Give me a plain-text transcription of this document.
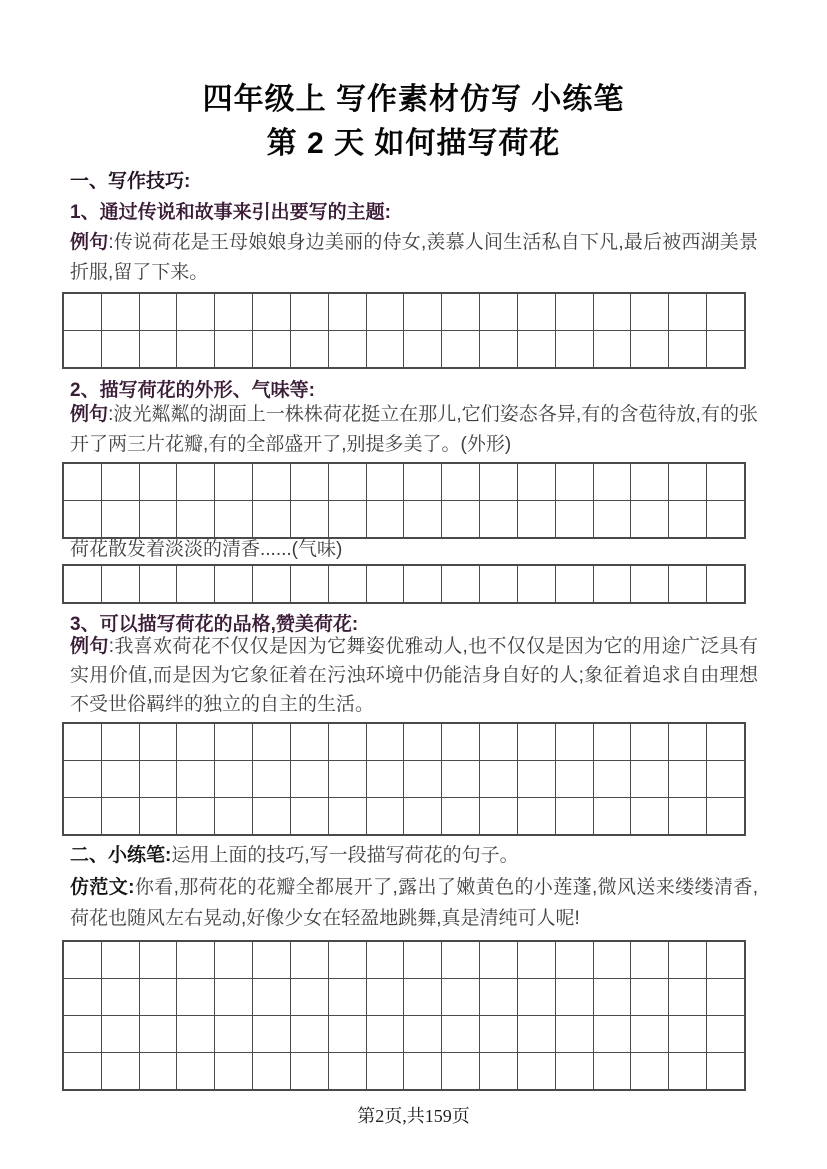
四年级上 写作素材仿写 小练笔
第 2 天 如何描写荷花
一、写作技巧:
1、通过传说和故事来引出要写的主题:

例句:传说荷花是王母娘娘身边美丽的侍女,羡慕人间生活私自下凡,最后被西湖美景折服,留了下来。

2、描写荷花的外形、气味等:

例句:波光粼粼的湖面上一株株荷花挺立在那儿,它们姿态各异,有的含苞待放,有的张开了两三片花瓣,有的全部盛开了,别提多美了。(外形)

荷花散发着淡淡的清香......(气味)
3、可以描写荷花的品格,赞美荷花:

例句:我喜欢荷花不仅仅是因为它舞姿优雅动人,也不仅仅是因为它的用途广泛具有实用价值,而是因为它象征着在污浊环境中仍能洁身自好的人;象征着追求自由理想不受世俗羁绊的独立的自主的生活。

二、小练笔:运用上面的技巧,写一段描写荷花的句子。

仿范文:你看,那荷花的花瓣全都展开了,露出了嫩黄色的小莲蓬,微风送来缕缕清香,荷花也随风左右晃动,好像少女在轻盈地跳舞,真是清纯可人呢!

第2页,共159页
